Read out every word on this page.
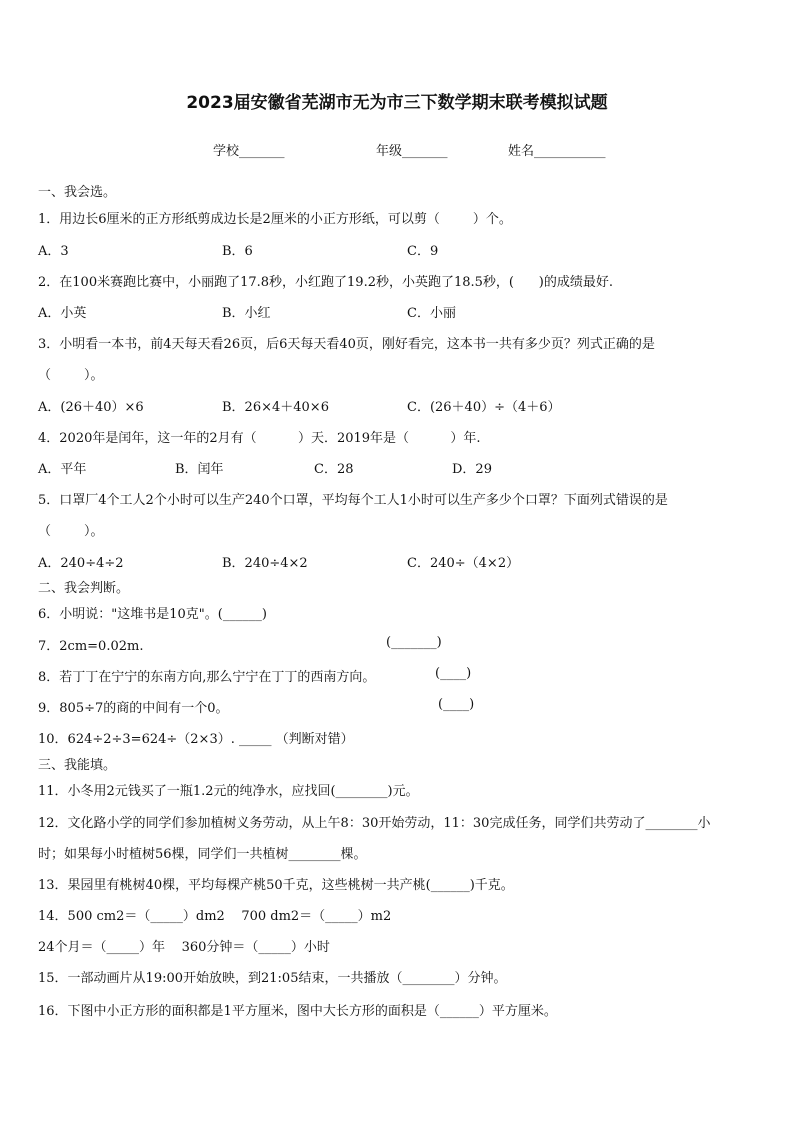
2023届安徽省芜湖市无为市三下数学期末联考模拟试题
学校_______	年级_______	姓名___________
一、我会选。
1．用边长6厘米的正方形纸剪成边长是2厘米的小正方形纸，可以剪（        ）个。
A．3	B．6	C．9
2．在100米赛跑比赛中，小丽跑了17.8秒，小红跑了19.2秒，小英跑了18.5秒，(      )的成绩最好.
A．小英	B．小红	C．小丽
3．小明看一本书，前4天每天看26页，后6天每天看40页，刚好看完，这本书一共有多少页？列式正确的是
（        ）。
A．(26＋40）×6	B．26×4＋40×6	C．(26＋40）÷（4＋6）
4．2020年是闰年，这一年的2月有（          ）天．2019年是（          ）年.
A．平年	B．闰年	C．28	D．29
5．口罩厂4个工人2个小时可以生产240个口罩，平均每个工人1小时可以生产多少个口罩？下面列式错误的是
（        ）。
A．240÷4÷2	B．240÷4×2	C．240÷（4×2）
二、我会判断。
6．小明说："这堆书是10克"。(______)
7．2cm=0.02m.	(_______)
8．若丁丁在宁宁的东南方向,那么宁宁在丁丁的西南方向。	(____)
9．805÷7的商的中间有一个0。	(____)
10．624÷2÷3=624÷（2×3）. _____ （判断对错）
三、我能填。
11．小冬用2元钱买了一瓶1.2元的纯净水，应找回(________)元。
12．文化路小学的同学们参加植树义务劳动，从上午8：30开始劳动，11：30完成任务，同学们共劳动了________小
时；如果每小时植树56棵，同学们一共植树________棵。
13．果园里有桃树40棵，平均每棵产桃50千克，这些桃树一共产桃(______)千克。
14．500 cm2＝（_____）dm2    700 dm2＝（_____）m2
24个月＝（_____）年    360分钟＝（_____）小时
15．一部动画片从19:00开始放映，到21:05结束，一共播放（________）分钟。
16．下图中小正方形的面积都是1平方厘米，图中大长方形的面积是（______）平方厘米。
